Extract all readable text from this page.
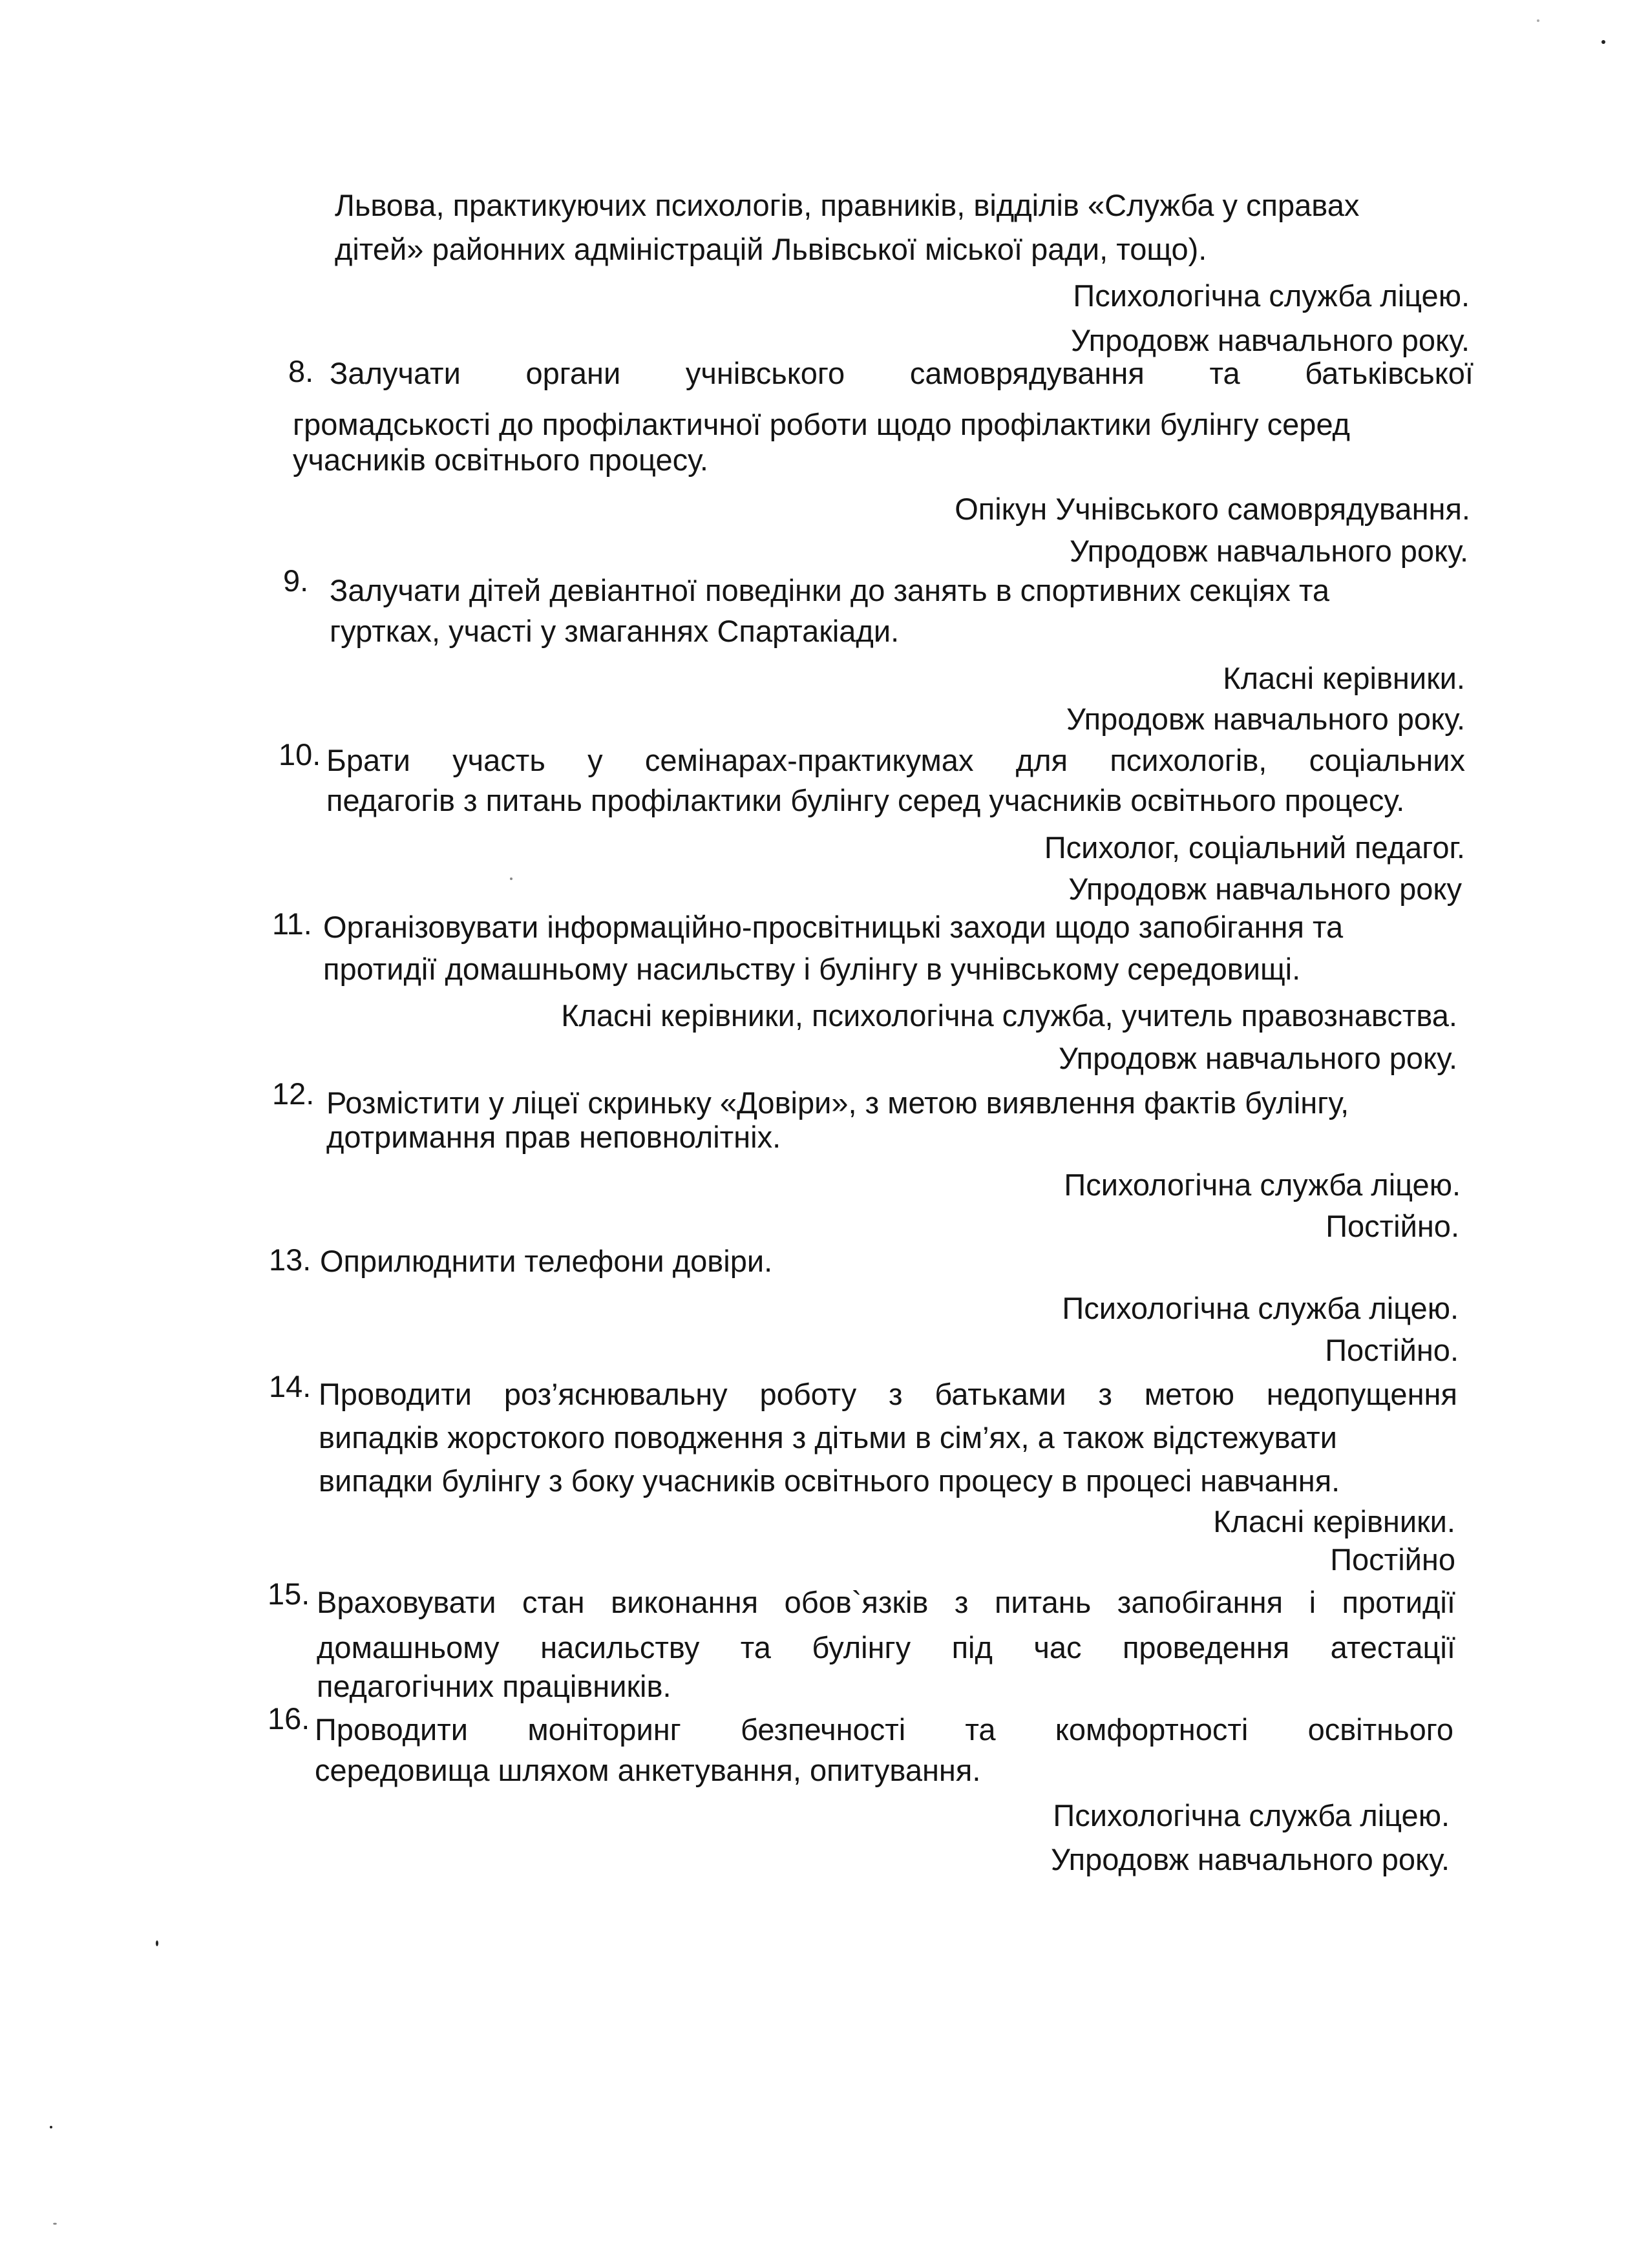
Львова, практикуючих психологів, правників, відділів «Служба у справах
дітей» районних адміністрацій Львівської міської ради, тощо).
Психологічна служба ліцею.
Упродовж навчального року.
8. Залучати органи учнівського самоврядування та батьківської
громадськості до профілактичної роботи щодо профілактики булінгу серед
учасників освітнього процесу.
Опікун Учнівського самоврядування.
Упродовж навчального року.
9. Залучати дітей девіантної поведінки до занять в спортивних секціях та
гуртках, участі у змаганнях Спартакіади.
Класні керівники.
Упродовж навчального року.
10. Брати участь у семінарах-практикумах для психологів, соціальних
педагогів з питань профілактики булінгу серед учасників освітнього процесу.
Психолог, соціальний педагог.
Упродовж навчального року
11. Організовувати інформаційно-просвітницькі заходи щодо запобігання та
протидії домашньому насильству і булінгу в учнівському середовищі.
Класні керівники, психологічна служба, учитель правознавства.
Упродовж навчального року.
12. Розмістити у ліцеї скриньку «Довіри», з метою виявлення фактів булінгу,
дотримання прав неповнолітніх.
Психологічна служба ліцею.
Постійно.
13. Оприлюднити телефони довіри.
Психологічна служба ліцею.
Постійно.
14. Проводити роз’яснювальну роботу з батьками з метою недопущення
випадків жорстокого поводження з дітьми в сім’ях, а також відстежувати
випадки булінгу з боку учасників освітнього процесу в процесі навчання.
Класні керівники.
Постійно
15. Враховувати стан виконання обов`язків з питань запобігання і протидії
домашньому насильству та булінгу під час проведення атестації
педагогічних працівників.
16. Проводити моніторинг безпечності та комфортності освітнього
середовища шляхом анкетування, опитування.
Психологічна служба ліцею.
Упродовж навчального року.
